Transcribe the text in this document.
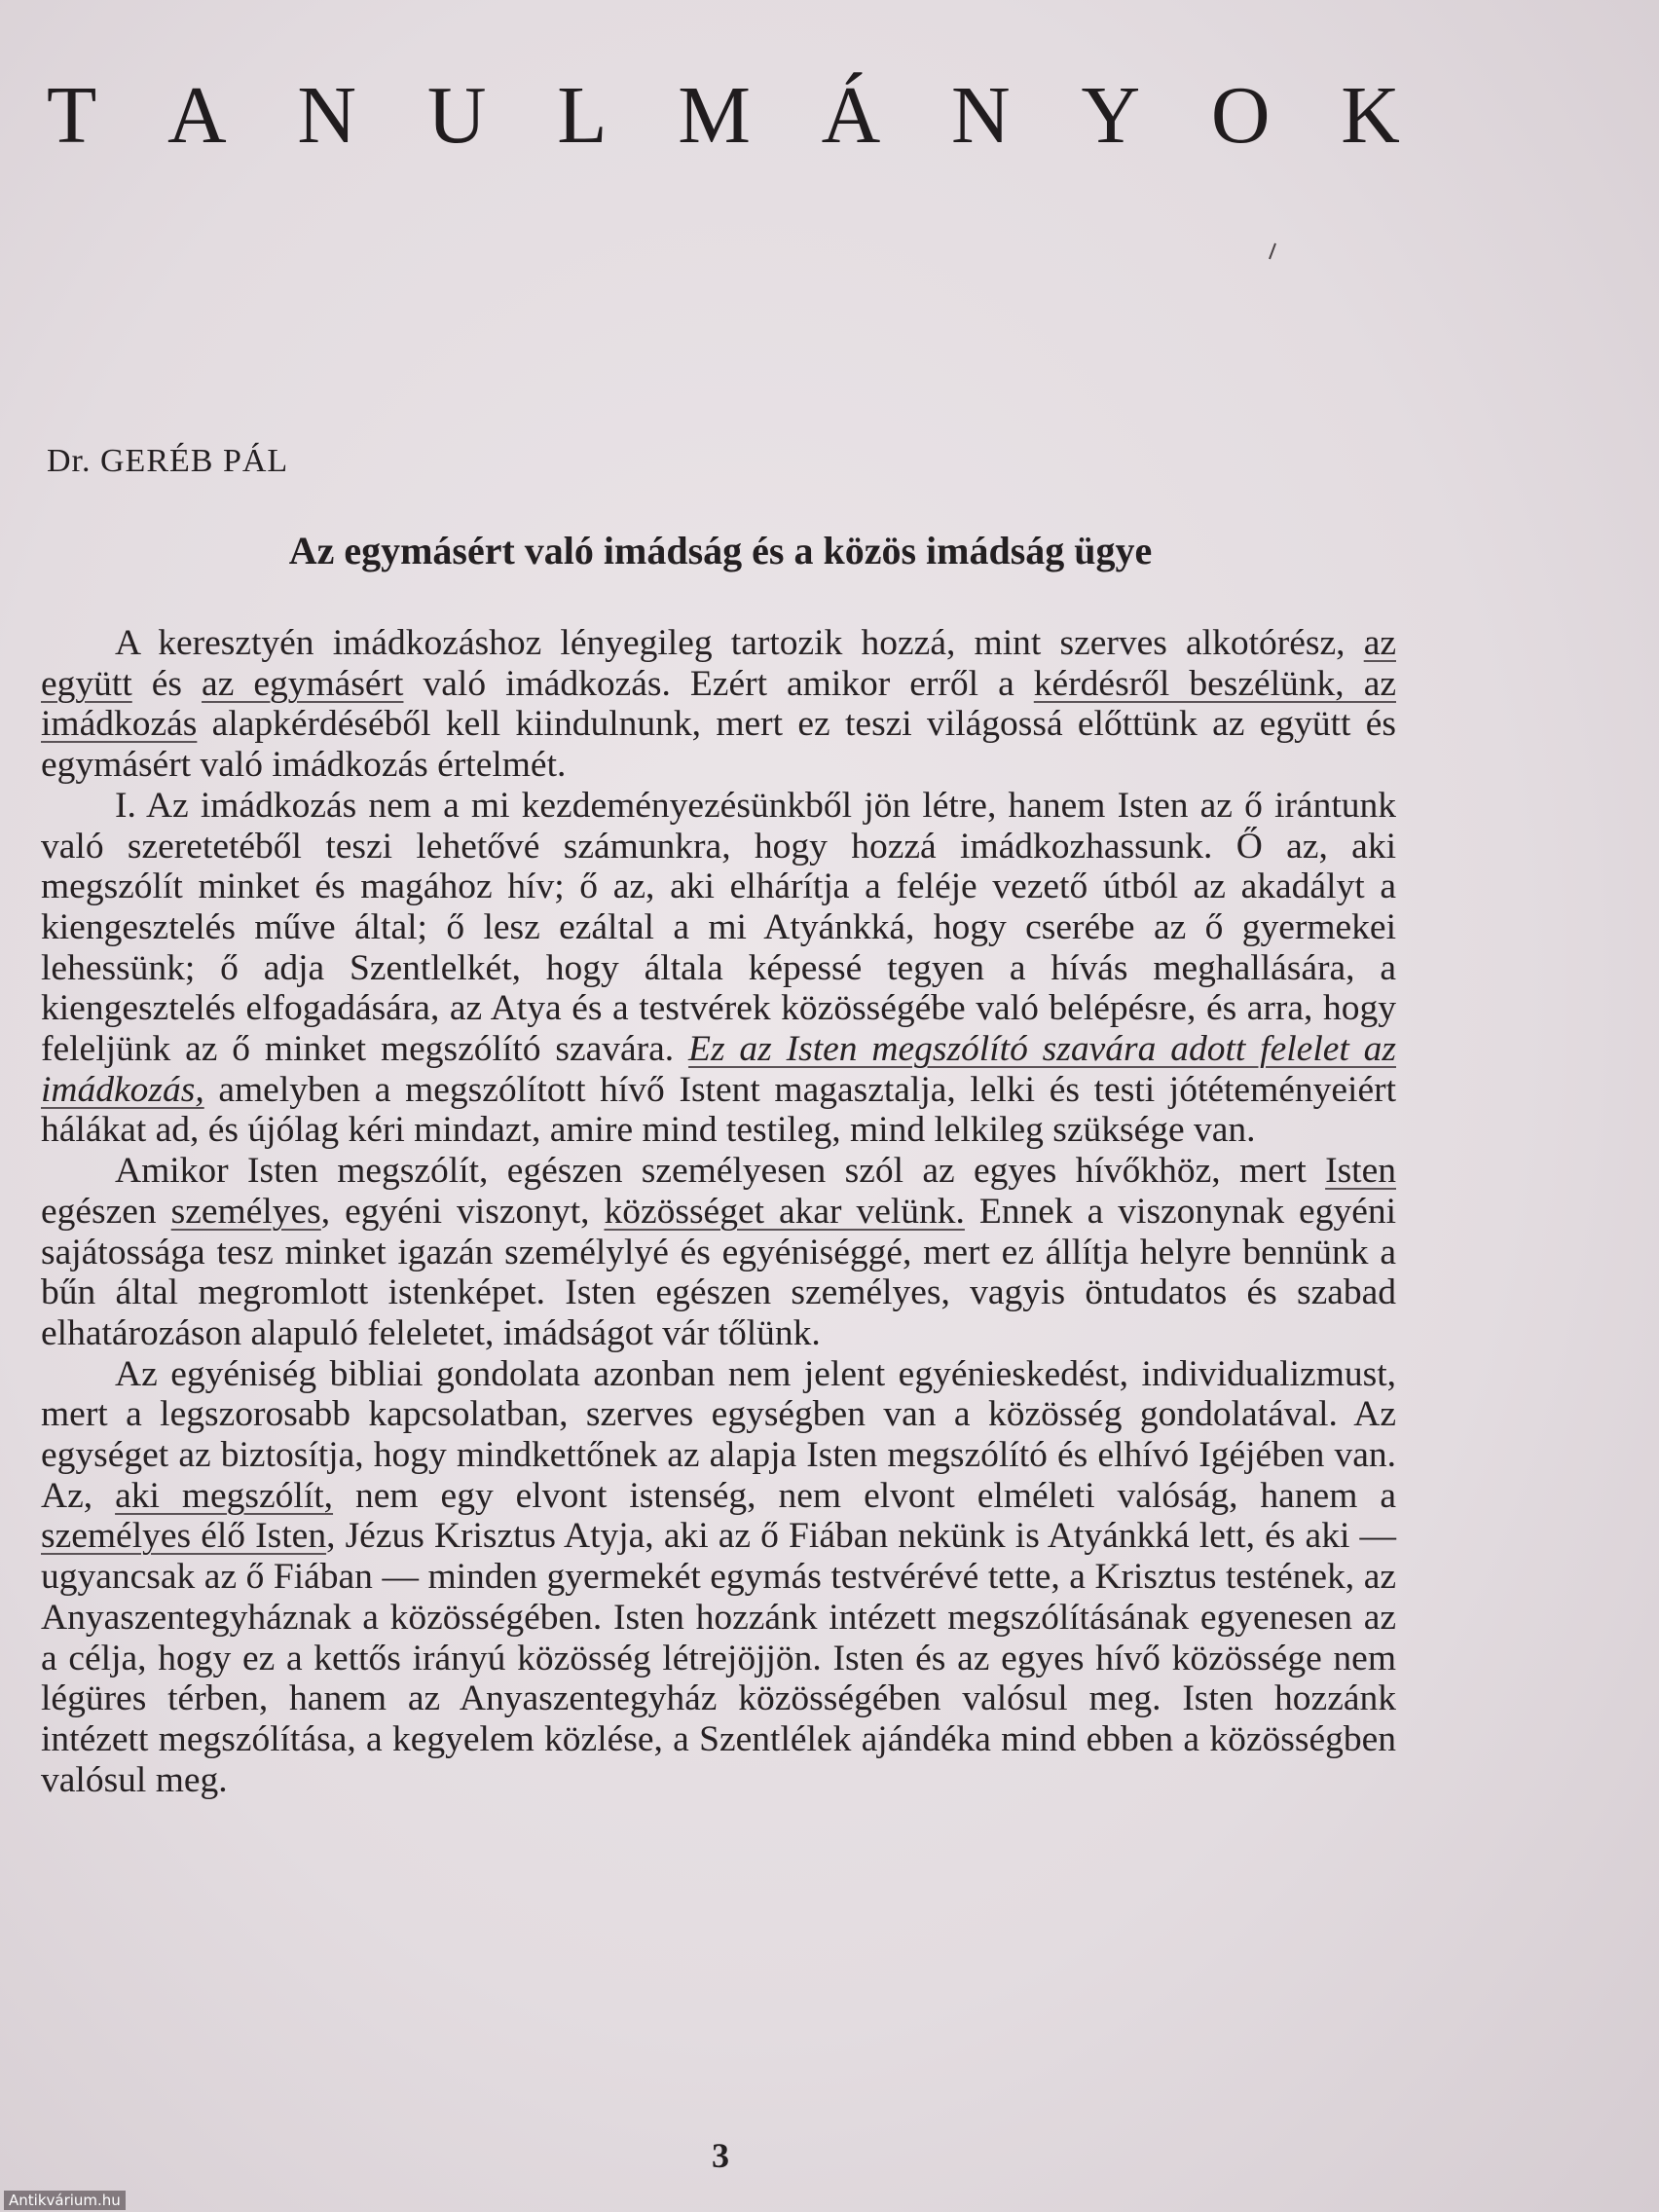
T A N U L M Á N Y O K
Dr. GERÉB PÁL
Az egymásért való imádság és a közös imádság ügye

A keresztyén imádkozáshoz lényegileg tartozik hozzá, mint szerves alkotórész, az együtt és az egymásért való imádkozás. Ezért amikor erről a kérdésről beszélünk, az imádkozás alapkérdéséből kell kiindulnunk, mert ez teszi világossá előttünk az együtt és egymásért való imádkozás értelmét.

I. Az imádkozás nem a mi kezdeményezésünkből jön létre, hanem Isten az ő irántunk való szeretetéből teszi lehetővé számunkra, hogy hozzá imádkozhassunk. Ő az, aki megszólít minket és magához hív; ő az, aki elhárítja a feléje vezető útból az akadályt a kiengesztelés műve által; ő lesz ezáltal a mi Atyánkká, hogy cserébe az ő gyermekei lehessünk; ő adja Szentlelkét, hogy általa képessé tegyen a hívás meghallására, a kiengesztelés elfogadására, az Atya és a testvérek közösségébe való belépésre, és arra, hogy feleljünk az ő minket megszólító szavára. Ez az Isten megszólító szavára adott felelet az imádkozás, amelyben a megszólított hívő Istent magasztalja, lelki és testi jótéteményeiért hálákat ad, és újólag kéri mindazt, amire mind testileg, mind lelkileg szüksége van.

Amikor Isten megszólít, egészen személyesen szól az egyes hívőkhöz, mert Isten egészen személyes, egyéni viszonyt, közösséget akar velünk. Ennek a viszonynak egyéni sajátossága tesz minket igazán személylyé és egyéniséggé, mert ez állítja helyre bennünk a bűn által megromlott istenképet. Isten egészen személyes, vagyis öntudatos és szabad elhatározáson alapuló feleletet, imádságot vár tőlünk.

Az egyéniség bibliai gondolata azonban nem jelent egyénieskedést, individualizmust, mert a legszorosabb kapcsolatban, szerves egységben van a közösség gondolatával. Az egységet az biztosítja, hogy mindkettőnek az alapja Isten megszólító és elhívó Igéjében van. Az, aki megszólít, nem egy elvont istenség, nem elvont elméleti valóság, hanem a személyes élő Isten, Jézus Krisztus Atyja, aki az ő Fiában nekünk is Atyánkká lett, és aki — ugyancsak az ő Fiában — minden gyermekét egymás testvérévé tette, a Krisztus testének, az Anyaszentegyháznak a közösségében. Isten hozzánk intézett megszólításának egyenesen az a célja, hogy ez a kettős irányú közösség létrejöjjön. Isten és az egyes hívő közössége nem légüres térben, hanem az Anyaszentegyház közösségében valósul meg. Isten hozzánk intézett megszólítása, a kegyelem közlése, a Szentlélek ajándéka mind ebben a közösségben valósul meg.

3
Antikvárium.hu
